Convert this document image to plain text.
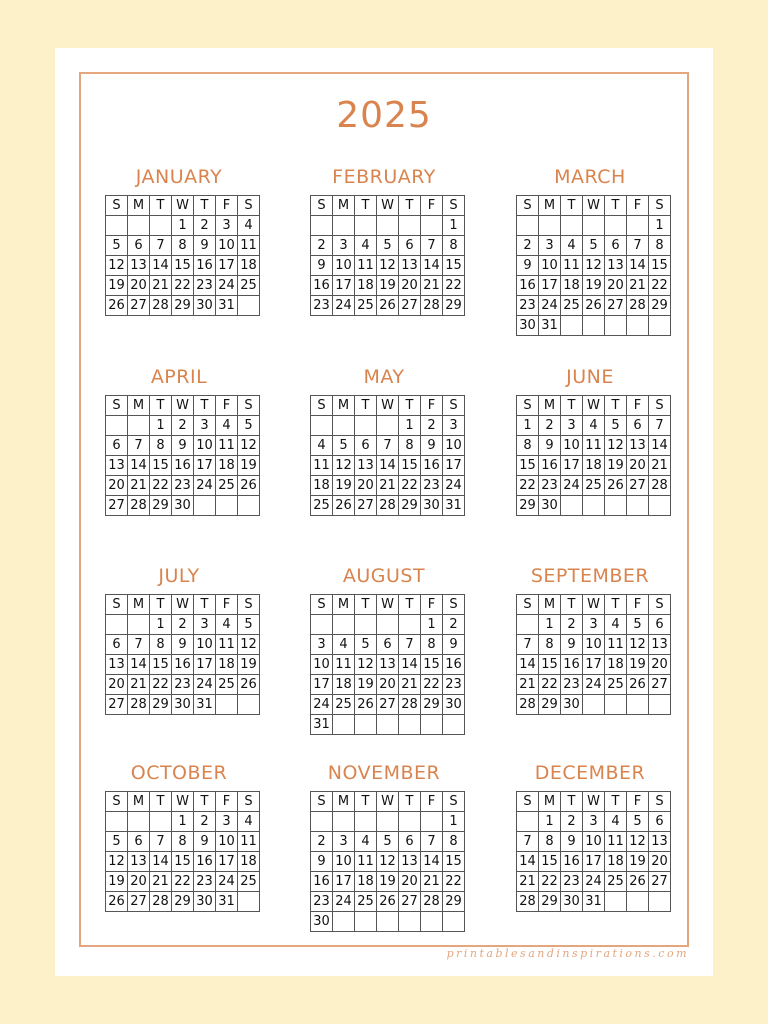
2025
JANUARY
S	M	T	W	T	F	S
			1	2	3	4
5	6	7	8	9	10	11
12	13	14	15	16	17	18
19	20	21	22	23	24	25
26	27	28	29	30	31	
FEBRUARY
S	M	T	W	T	F	S
						1
2	3	4	5	6	7	8
9	10	11	12	13	14	15
16	17	18	19	20	21	22
23	24	25	26	27	28	29
MARCH
S	M	T	W	T	F	S
						1
2	3	4	5	6	7	8
9	10	11	12	13	14	15
16	17	18	19	20	21	22
23	24	25	26	27	28	29
30	31					
APRIL
S	M	T	W	T	F	S
		1	2	3	4	5
6	7	8	9	10	11	12
13	14	15	16	17	18	19
20	21	22	23	24	25	26
27	28	29	30			
MAY
S	M	T	W	T	F	S
				1	2	3
4	5	6	7	8	9	10
11	12	13	14	15	16	17
18	19	20	21	22	23	24
25	26	27	28	29	30	31
JUNE
S	M	T	W	T	F	S
1	2	3	4	5	6	7
8	9	10	11	12	13	14
15	16	17	18	19	20	21
22	23	24	25	26	27	28
29	30					
JULY
S	M	T	W	T	F	S
		1	2	3	4	5
6	7	8	9	10	11	12
13	14	15	16	17	18	19
20	21	22	23	24	25	26
27	28	29	30	31		
AUGUST
S	M	T	W	T	F	S
					1	2
3	4	5	6	7	8	9
10	11	12	13	14	15	16
17	18	19	20	21	22	23
24	25	26	27	28	29	30
31						
SEPTEMBER
S	M	T	W	T	F	S
	1	2	3	4	5	6
7	8	9	10	11	12	13
14	15	16	17	18	19	20
21	22	23	24	25	26	27
28	29	30				
OCTOBER
S	M	T	W	T	F	S
			1	2	3	4
5	6	7	8	9	10	11
12	13	14	15	16	17	18
19	20	21	22	23	24	25
26	27	28	29	30	31	
NOVEMBER
S	M	T	W	T	F	S
						1
2	3	4	5	6	7	8
9	10	11	12	13	14	15
16	17	18	19	20	21	22
23	24	25	26	27	28	29
30						
DECEMBER
S	M	T	W	T	F	S
	1	2	3	4	5	6
7	8	9	10	11	12	13
14	15	16	17	18	19	20
21	22	23	24	25	26	27
28	29	30	31			
printablesandinspirations.com
